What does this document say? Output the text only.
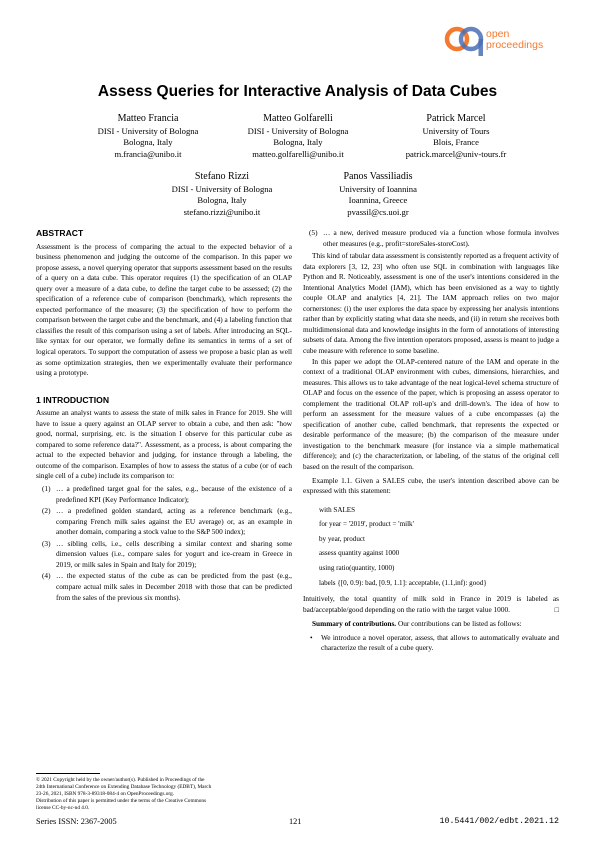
open
proceedings
Assess Queries for Interactive Analysis of Data Cubes
Matteo Francia
DISI - University of Bologna
Bologna, Italy
m.francia@unibo.it
Matteo Golfarelli
DISI - University of Bologna
Bologna, Italy
matteo.golfarelli@unibo.it
Patrick Marcel
University of Tours
Blois, France
patrick.marcel@univ-tours.fr
Stefano Rizzi
DISI - University of Bologna
Bologna, Italy
stefano.rizzi@unibo.it
Panos Vassiliadis
University of Ioannina
Ioannina, Greece
pvassil@cs.uoi.gr

ABSTRACT

Assessment is the process of comparing the actual to the expected behavior of a business phenomenon and judging the outcome of the comparison. In this paper we propose assess, a novel querying operator that supports assessment based on the results of a query on a data cube. This operator requires (1) the specification of an OLAP query over a measure of a data cube, to define the target cube to be assessed; (2) the specification of a reference cube of comparison (benchmark), which represents the expected performance of the measure; (3) the specification of how to perform the comparison between the target cube and the benchmark, and (4) a labeling function that classifies the result of this comparison using a set of labels. After introducing an SQL-like syntax for our operator, we formally define its semantics in terms of a set of logical operators. To support the computation of assess we propose a basic plan as well as some optimization strategies, then we experimentally evaluate their performance using a prototype.

1 INTRODUCTION

Assume an analyst wants to assess the state of milk sales in France for 2019. She will have to issue a query against an OLAP server to obtain a cube, and then ask: "how good, normal, surprising, etc. is the situation I observe for this particular cube as compared to some reference data?". Assessment, as a process, is about comparing the actual to the expected behavior and judging, for instance through a labeling, the outcome of the comparison. Examples of how to assess the status of a cube (or of each single cell of a cube) include its comparison to:

(1) … a predefined target goal for the sales, e.g., because of the existence of a predefined KPI (Key Performance Indicator);
(2) … a predefined golden standard, acting as a reference benchmark (e.g., comparing French milk sales against the EU average) or, as an example in another domain, comparing a stock value to the S&P 500 index);
(3) … sibling cells, i.e., cells describing a similar context and sharing some dimension values (i.e., compare sales for yogurt and ice-cream in Greece in 2019, or milk sales in Spain and Italy for 2019);
(4) … the expected status of the cube as can be predicted from the past (e.g., compare actual milk sales in December 2018 with those that can be predicted from the sales of the previous six months).
© 2021 Copyright held by the owner/author(s). Published in Proceedings of the
24th International Conference on Extending Database Technology (EDBT), March
23-26, 2021, ISBN 978-3-89318-084-4 on OpenProceedings.org.
Distribution of this paper is permitted under the terms of the Creative Commons
license CC-by-nc-nd 4.0.
(5) … a new, derived measure produced via a function whose formula involves other measures (e.g., profit=storeSales-storeCost).

This kind of tabular data assessment is consistently reported as a frequent activity of data explorers [3, 12, 23] who often use SQL in combination with languages like Python and R. Noticeably, assessment is one of the user's intentions considered in the Intentional Analytics Model (IAM), which has been envisioned as a way to tightly couple OLAP and analytics [4, 21]. The IAM approach relies on two major cornerstones: (i) the user explores the data space by expressing her analysis intentions rather than by explicitly stating what data she needs, and (ii) in return she receives both multidimensional data and knowledge insights in the form of annotations of interesting subsets of data. Among the five intention operators proposed, assess is meant to judge a cube measure with reference to some baseline.

In this paper we adopt the OLAP-centered nature of the IAM and operate in the context of a traditional OLAP environment with cubes, dimensions, hierarchies, and measures. This allows us to take advantage of the neat logical-level schema structure of OLAP and focus on the essence of the paper, which is proposing an assess operator to complement the traditional OLAP roll-up's and drill-down's. The idea of how to perform an assessment for the measure values of a cube encompasses (a) the specification of another cube, called benchmark, that represents the expected or desirable performance of the measure; (b) the comparison of the measure under investigation to the benchmark measure (for instance via a simple mathematical difference); and (c) the characterization, or labeling, of the status of the original cell based on the result of the comparison.

Example 1.1. Given a SALES cube, the user's intention described above can be expressed with this statement:

with SALES
for year = '2019', product = 'milk'
by year, product
assess quantity against 1000
using ratio(quantity, 1000)
labels {[0, 0.9): bad, [0.9, 1.1]: acceptable, (1.1,inf): good}

Intuitively, the total quantity of milk sold in France in 2019 is labeled as bad/acceptable/good depending on the ratio with the target value 1000.	□

Summary of contributions. Our contributions can be listed as follows:

• We introduce a novel operator, assess, that allows to automatically evaluate and characterize the result of a cube query.
Series ISSN: 2367-2005	121	10.5441/002/edbt.2021.12
